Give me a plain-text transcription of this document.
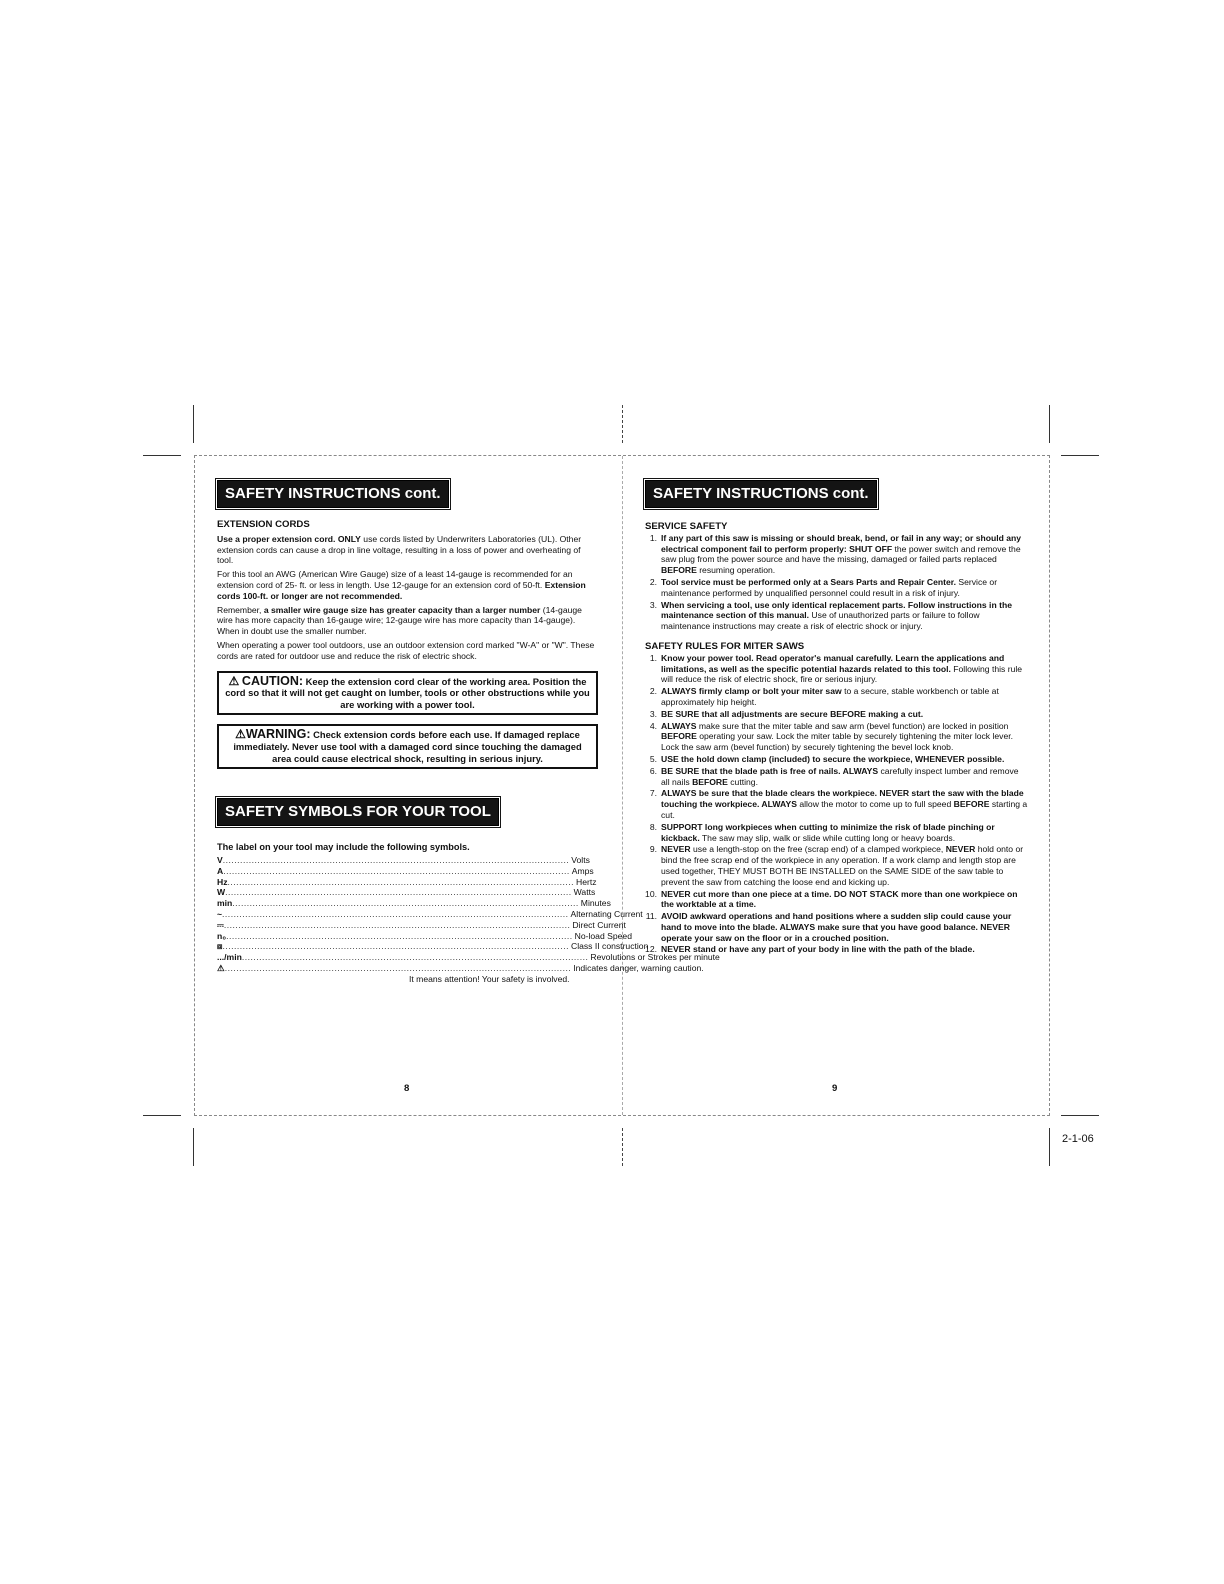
2-1-06
SAFETY INSTRUCTIONS cont.

EXTENSION CORDS

Use a proper extension cord. ONLY use cords listed by Underwriters Laboratories (UL). Other extension cords can cause a drop in line voltage, resulting in a loss of power and overheating of tool.

For this tool an AWG (American Wire Gauge) size of a least 14-gauge is recommended for an extension cord of 25- ft. or less in length. Use 12-gauge for an extension cord of 50-ft. Extension cords 100-ft. or longer are not recommended.

Remember, a smaller wire gauge size has greater capacity than a larger number (14-gauge wire has more capacity than 16-gauge wire; 12-gauge wire has more capacity than 14-gauge). When in doubt use the smaller number.

When operating a power tool outdoors, use an outdoor extension cord marked "W-A" or "W". These cords are rated for outdoor use and reduce the risk of electric shock.

⚠ CAUTION: Keep the extension cord clear of the working area. Position the cord so that it will not get caught on lumber, tools or other obstructions while you are working with a power tool.
⚠WARNING: Check extension cords before each use. If damaged replace immediately. Never use tool with a damaged cord since touching the damaged area could cause electrical shock, resulting in serious injury.
SAFETY SYMBOLS FOR YOUR TOOL

The label on your tool may include the following symbols.

V ........................................................................................................................ Volts
A ........................................................................................................................ Amps
Hz ........................................................................................................................ Hertz
W ........................................................................................................................ Watts
min ........................................................................................................................ Minutes
~ ........................................................................................................................ Alternating Current
⎓ ........................................................................................................................ Direct Current
n₀ ........................................................................................................................ No-load Speed
⧈ ........................................................................................................................ Class II construction
.../min ........................................................................................................................ Revolutions or Strokes per minute
⚠ ........................................................................................................................ Indicates danger, warning caution.
It means attention! Your safety is involved.
8
SAFETY INSTRUCTIONS cont.

SERVICE SAFETY

1. If any part of this saw is missing or should break, bend, or fail in any way; or should any electrical component fail to perform properly: SHUT OFF the power switch and remove the saw plug from the power source and have the missing, damaged or failed parts replaced BEFORE resuming operation.
2. Tool service must be performed only at a Sears Parts and Repair Center. Service or maintenance performed by unqualified personnel could result in a risk of injury.
3. When servicing a tool, use only identical replacement parts. Follow instructions in the maintenance section of this manual. Use of unauthorized parts or failure to follow maintenance instructions may create a risk of electric shock or injury.

SAFETY RULES FOR MITER SAWS

1. Know your power tool. Read operator's manual carefully. Learn the applications and limitations, as well as the specific potential hazards related to this tool. Following this rule will reduce the risk of electric shock, fire or serious injury.
2. ALWAYS firmly clamp or bolt your miter saw to a secure, stable workbench or table at approximately hip height.
3. BE SURE that all adjustments are secure BEFORE making a cut.
4. ALWAYS make sure that the miter table and saw arm (bevel function) are locked in position BEFORE operating your saw. Lock the miter table by securely tightening the miter lock lever. Lock the saw arm (bevel function) by securely tightening the bevel lock knob.
5. USE the hold down clamp (included) to secure the workpiece, WHENEVER possible.
6. BE SURE that the blade path is free of nails. ALWAYS carefully inspect lumber and remove all nails BEFORE cutting.
7. ALWAYS be sure that the blade clears the workpiece. NEVER start the saw with the blade touching the workpiece. ALWAYS allow the motor to come up to full speed BEFORE starting a cut.
8. SUPPORT long workpieces when cutting to minimize the risk of blade pinching or kickback. The saw may slip, walk or slide while cutting long or heavy boards.
9. NEVER use a length-stop on the free (scrap end) of a clamped workpiece, NEVER hold onto or bind the free scrap end of the workpiece in any operation. If a work clamp and length stop are used together, THEY MUST BOTH BE INSTALLED on the SAME SIDE of the saw table to prevent the saw from catching the loose end and kicking up.
10. NEVER cut more than one piece at a time. DO NOT STACK more than one workpiece on the worktable at a time.
11. AVOID awkward operations and hand positions where a sudden slip could cause your hand to move into the blade. ALWAYS make sure that you have good balance. NEVER operate your saw on the floor or in a crouched position.
12. NEVER stand or have any part of your body in line with the path of the blade.
9
